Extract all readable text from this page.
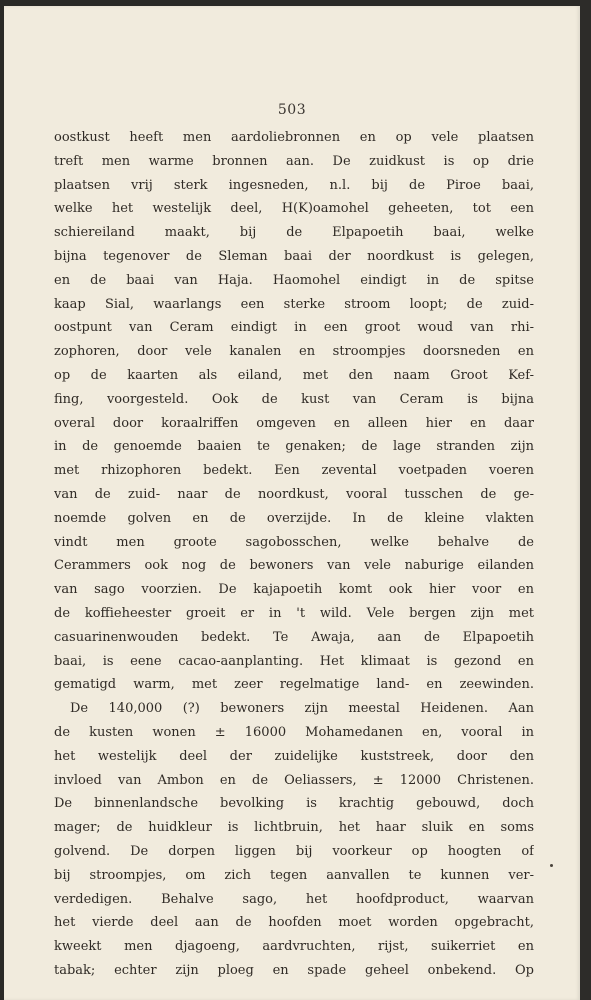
503
oostkust heeft men aardoliebronnen en op vele plaatsen
treft men warme bronnen aan. De zuidkust is op drie
plaatsen vrij sterk ingesneden, n.l. bij de Piroe baai,
welke het westelijk deel, H(K)oamohel geheeten, tot een
schiereiland maakt, bij de Elpapoetih baai, welke
bijna tegenover de Sleman baai der noordkust is gelegen,
en de baai van Haja. Haomohel eindigt in de spitse
kaap Sial, waarlangs een sterke stroom loopt; de zuid-
oostpunt van Ceram eindigt in een groot woud van rhi-
zophoren, door vele kanalen en stroompjes doorsneden en
op de kaarten als eiland, met den naam Groot Kef-
fing, voorgesteld. Ook de kust van Ceram is bijna
overal door koraalriffen omgeven en alleen hier en daar
in de genoemde baaien te genaken; de lage stranden zijn
met rhizophoren bedekt. Een zevental voetpaden voeren
van de zuid- naar de noordkust, vooral tusschen de ge-
noemde golven en de overzijde. In de kleine vlakten
vindt men groote sagobosschen, welke behalve de
Cerammers ook nog de bewoners van vele naburige eilanden
van sago voorzien. De kajapoetih komt ook hier voor en
de koffieheester groeit er in 't wild. Vele bergen zijn met
casuarinenwouden bedekt. Te Awaja, aan de Elpapoetih
baai, is eene cacao-aanplanting. Het klimaat is gezond en
gematigd warm, met zeer regelmatige land- en zeewinden.
De 140,000 (?) bewoners zijn meestal Heidenen. Aan
de kusten wonen ± 16000 Mohamedanen en, vooral in
het westelijk deel der zuidelijke kuststreek, door den
invloed van Ambon en de Oeliassers, ± 12000 Christenen.
De binnenlandsche bevolking is krachtig gebouwd, doch
mager; de huidkleur is lichtbruin, het haar sluik en soms
golvend. De dorpen liggen bij voorkeur op hoogten of
bij stroompjes, om zich tegen aanvallen te kunnen ver-
verdedigen. Behalve sago, het hoofdproduct, waarvan
het vierde deel aan de hoofden moet worden opgebracht,
kweekt men djagoeng, aardvruchten, rijst, suikerriet en
tabak; echter zijn ploeg en spade geheel onbekend. Op
